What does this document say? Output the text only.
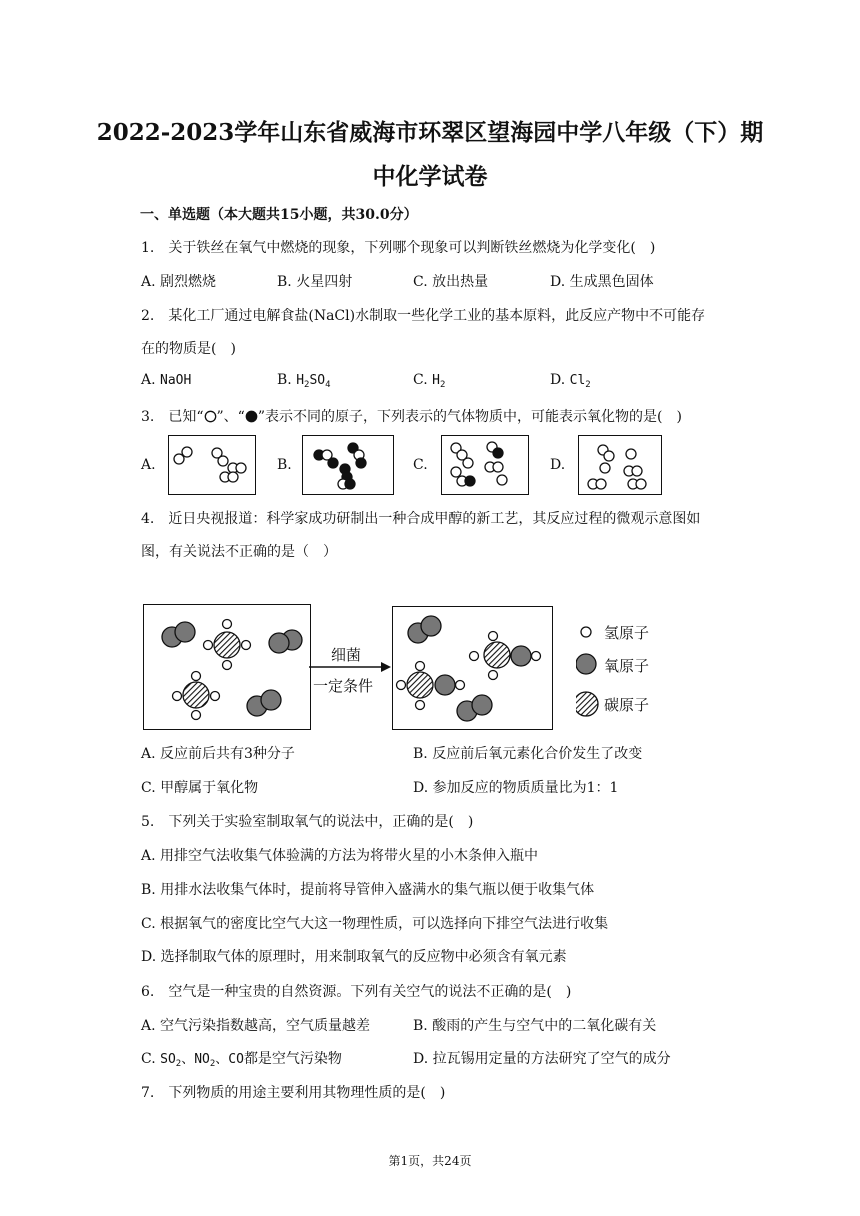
2022-2023学年山东省威海市环翠区望海园中学八年级（下）期
中化学试卷
一、单选题（本大题共15小题，共30.0分）
1.　关于铁丝在氧气中燃烧的现象，下列哪个现象可以判断铁丝燃烧为化学变化(　)
A. 剧烈燃烧	B. 火星四射	C. 放出热量	D. 生成黑色固体
2.　某化工厂通过电解食盐(NaCl)水制取一些化学工业的基本原料，此反应产物中不可能存
在的物质是(　)
A. NaOH	B. $H_2SO_4$	C. $H_2$	D. $Cl_2$
3.　已知“ ”、“ ”表示不同的原子，下列表示的气体物质中，可能表示氧化物的是(　)
A.	B.	C.	D.
4.　近日央视报道：科学家成功研制出一种合成甲醇的新工艺，其反应过程的微观示意图如
图，有关说法不正确的是（　）
细菌
一定条件
氢原子
氧原子
碳原子
A. 反应前后共有3种分子	B. 反应前后氧元素化合价发生了改变
C. 甲醇属于氧化物	D. 参加反应的物质质量比为1：1
5.　下列关于实验室制取氧气的说法中，正确的是(　)
A. 用排空气法收集气体验满的方法为将带火星的小木条伸入瓶中
B. 用排水法收集气体时，提前将导管伸入盛满水的集气瓶以便于收集气体
C. 根据氧气的密度比空气大这一物理性质，可以选择向下排空气法进行收集
D. 选择制取气体的原理时，用来制取氧气的反应物中必须含有氧元素
6.　空气是一种宝贵的自然资源。下列有关空气的说法不正确的是(　)
A. 空气污染指数越高，空气质量越差	B. 酸雨的产生与空气中的二氧化碳有关
C. $SO_2$、$NO_2$、CO都是空气污染物	D. 拉瓦锡用定量的方法研究了空气的成分
7.　下列物质的用途主要利用其物理性质的是(　)
第1页，共24页
